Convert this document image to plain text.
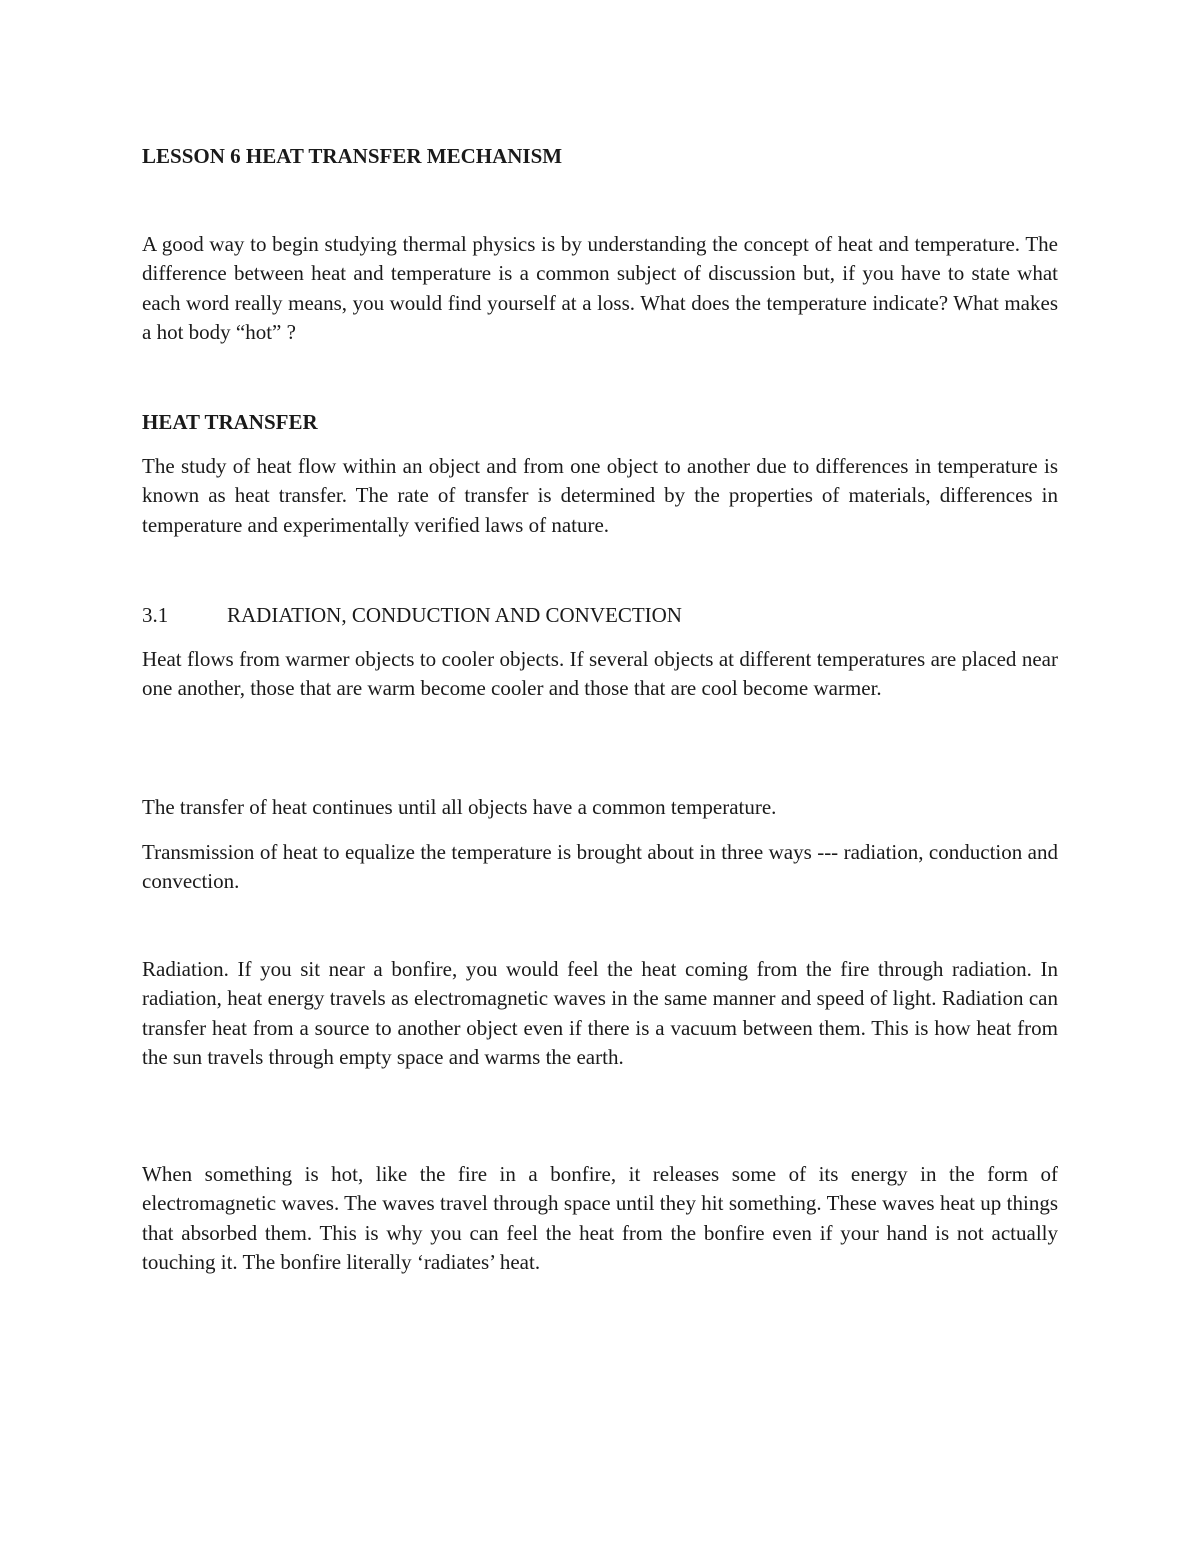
LESSON 6 HEAT TRANSFER MECHANISM

A good way to begin studying thermal physics is by understanding the concept of heat and temperature. The difference between heat and temperature is a common subject of discussion but, if you have to state what each word really means, you would find yourself at a loss. What does the temperature indicate? What makes a hot body “hot” ?

HEAT TRANSFER

The study of heat flow within an object and from one object to another due to differences in temperature is known as heat transfer. The rate of transfer is determined by the properties of materials, differences in temperature and experimentally verified laws of nature.

3.1	RADIATION, CONDUCTION AND CONVECTION

Heat flows from warmer objects to cooler objects. If several objects at different temperatures are placed near one another, those that are warm become cooler and those that are cool become warmer.

The transfer of heat continues until all objects have a common temperature.

Transmission of heat to equalize the temperature is brought about in three ways --- radiation, conduction and convection.

Radiation. If you sit near a bonfire, you would feel the heat coming from the fire through radiation. In radiation, heat energy travels as electromagnetic waves in the same manner and speed of light. Radiation can transfer heat from a source to another object even if there is a vacuum between them. This is how heat from the sun travels through empty space and warms the earth.

When something is hot, like the fire in a bonfire, it releases some of its energy in the form of electromagnetic waves. The waves travel through space until they hit something. These waves heat up things that absorbed them. This is why you can feel the heat from the bonfire even if your hand is not actually touching it. The bonfire literally ‘radiates’ heat.
